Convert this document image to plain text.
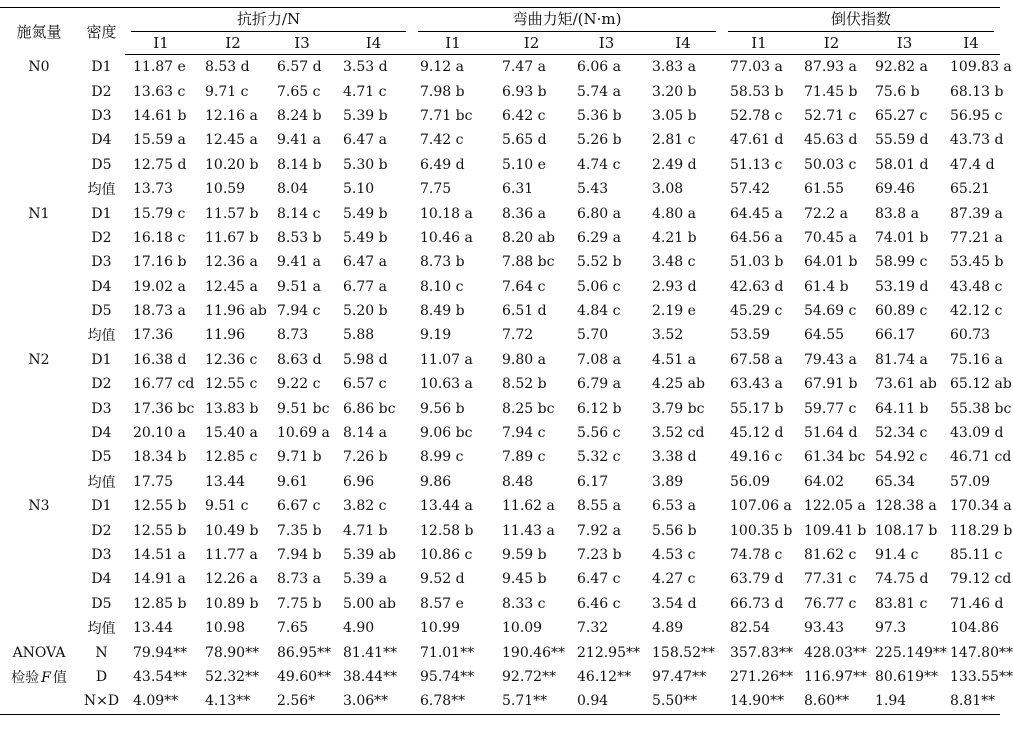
施氮量	密度	抗折力/N				弯曲力矩/(N·m)				倒伏指数			

		I1	I2	I3	I4	I1	I2	I3	I4	I1	I2	I3	I4
N0	D1	11.87 e	8.53 d	6.57 d	3.53 d	9.12 a	7.47 a	6.06 a	3.83 a	77.03 a	87.93 a	92.82 a	109.83 a
	D2	13.63 c	9.71 c	7.65 c	4.71 c	7.98 b	6.93 b	5.74 a	3.20 b	58.53 b	71.45 b	75.6 b	68.13 b
	D3	14.61 b	12.16 a	8.24 b	5.39 b	7.71 bc	6.42 c	5.36 b	3.05 b	52.78 c	52.71 c	65.27 c	56.95 c
	D4	15.59 a	12.45 a	9.41 a	6.47 a	7.42 c	5.65 d	5.26 b	2.81 c	47.61 d	45.63 d	55.59 d	43.73 d
	D5	12.75 d	10.20 b	8.14 b	5.30 b	6.49 d	5.10 e	4.74 c	2.49 d	51.13 c	50.03 c	58.01 d	47.4 d
	均值	13.73	10.59	8.04	5.10	7.75	6.31	5.43	3.08	57.42	61.55	69.46	65.21
N1	D1	15.79 c	11.57 b	8.14 c	5.49 b	10.18 a	8.36 a	6.80 a	4.80 a	64.45 a	72.2 a	83.8 a	87.39 a
	D2	16.18 c	11.67 b	8.53 b	5.49 b	10.46 a	8.20 ab	6.29 a	4.21 b	64.56 a	70.45 a	74.01 b	77.21 a
	D3	17.16 b	12.36 a	9.41 a	6.47 a	8.73 b	7.88 bc	5.52 b	3.48 c	51.03 b	64.01 b	58.99 c	53.45 b
	D4	19.02 a	12.45 a	9.51 a	6.77 a	8.10 c	7.64 c	5.06 c	2.93 d	42.63 d	61.4 b	53.19 d	43.48 c
	D5	18.73 a	11.96 ab	7.94 c	5.20 b	8.49 b	6.51 d	4.84 c	2.19 e	45.29 c	54.69 c	60.89 c	42.12 c
	均值	17.36	11.96	8.73	5.88	9.19	7.72	5.70	3.52	53.59	64.55	66.17	60.73
N2	D1	16.38 d	12.36 c	8.63 d	5.98 d	11.07 a	9.80 a	7.08 a	4.51 a	67.58 a	79.43 a	81.74 a	75.16 a
	D2	16.77 cd	12.55 c	9.22 c	6.57 c	10.63 a	8.52 b	6.79 a	4.25 ab	63.43 a	67.91 b	73.61 ab	65.12 ab
	D3	17.36 bc	13.83 b	9.51 bc	6.86 bc	9.56 b	8.25 bc	6.12 b	3.79 bc	55.17 b	59.77 c	64.11 b	55.38 bc
	D4	20.10 a	15.40 a	10.69 a	8.14 a	9.06 bc	7.94 c	5.56 c	3.52 cd	45.12 d	51.64 d	52.34 c	43.09 d
	D5	18.34 b	12.85 c	9.71 b	7.26 b	8.99 c	7.89 c	5.32 c	3.38 d	49.16 c	61.34 bc	54.92 c	46.71 cd
	均值	17.75	13.44	9.61	6.96	9.86	8.48	6.17	3.89	56.09	64.02	65.34	57.09
N3	D1	12.55 b	9.51 c	6.67 c	3.82 c	13.44 a	11.62 a	8.55 a	6.53 a	107.06 a	122.05 a	128.38 a	170.34 a
	D2	12.55 b	10.49 b	7.35 b	4.71 b	12.58 b	11.43 a	7.92 a	5.56 b	100.35 b	109.41 b	108.17 b	118.29 b
	D3	14.51 a	11.77 a	7.94 b	5.39 ab	10.86 c	9.59 b	7.23 b	4.53 c	74.78 c	81.62 c	91.4 c	85.11 c
	D4	14.91 a	12.26 a	8.73 a	5.39 a	9.52 d	9.45 b	6.47 c	4.27 c	63.79 d	77.31 c	74.75 d	79.12 cd
	D5	12.85 b	10.89 b	7.75 b	5.00 ab	8.57 e	8.33 c	6.46 c	3.54 d	66.73 d	76.77 c	83.81 c	71.46 d
	均值	13.44	10.98	7.65	4.90	10.99	10.09	7.32	4.89	82.54	93.43	97.3	104.86
ANOVA	N	79.94**	78.90**	86.95**	81.41**	71.01**	190.46**	212.95**	158.52**	357.83**	428.03**	225.149**	147.80**
检验 F 值	D	43.54**	52.32**	49.60**	38.44**	95.74**	92.72**	46.12**	97.47**	271.26**	116.97**	80.619**	133.55**
	N×D	4.09**	4.13**	2.56*	3.06**	6.78**	5.71**	0.94	5.50**	14.90**	8.60**	1.94	8.81**
